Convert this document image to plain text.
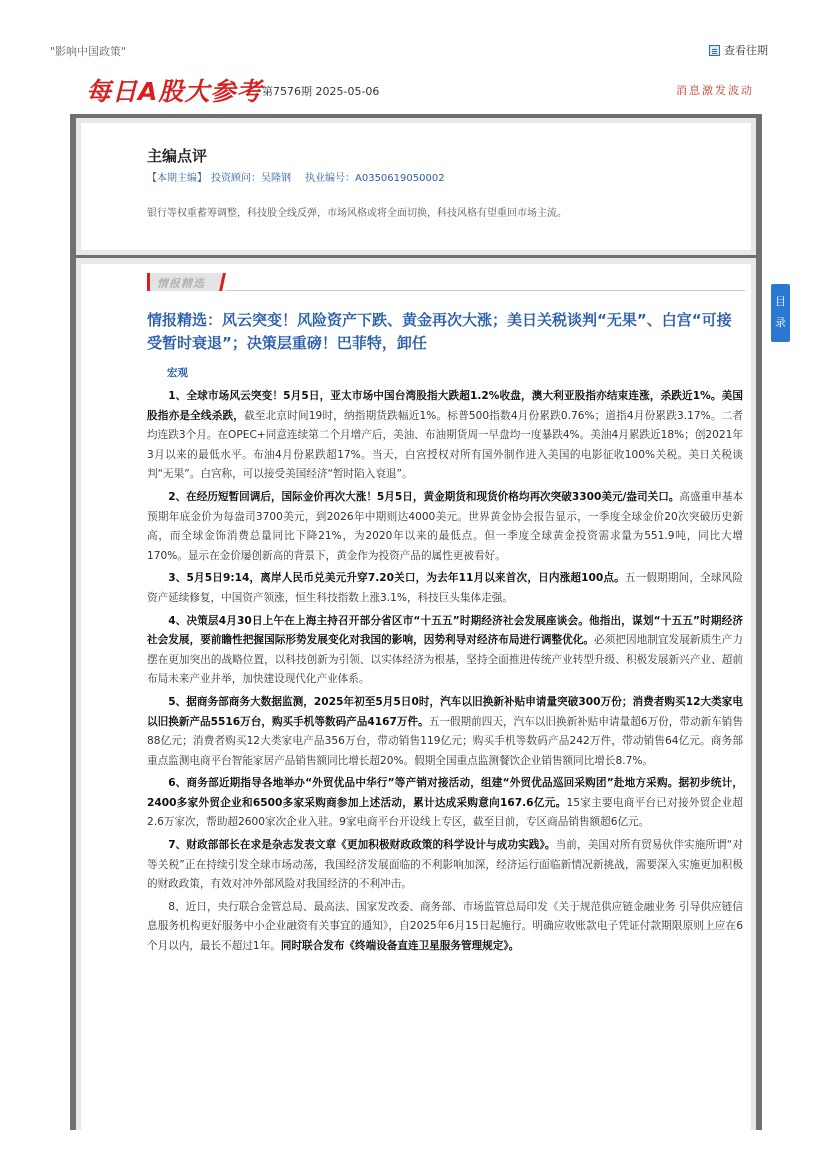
"影响中国政策"	查看往期
每日A股大参考 第7576期 2025-05-06	消息激发波动
主编点评
【本期主编】 投资顾问：吴隆钢 执业编号：A0350619050002
银行等权重蓄筹调整，科技股全线反弹，市场风格或将全面切换，科技风格有望重回市场主流。
情报精选
情报精选：风云突变！风险资产下跌、黄金再次大涨；美日关税谈判“无果”、白宫“可接受暂时衰退”；决策层重磅！巴菲特，卸任
宏观

1、全球市场风云突变！5月5日，亚太市场中国台湾股指大跌超1.2%收盘，澳大利亚股指亦结束连涨，杀跌近1%。美国股指亦是全线杀跌，截至北京时间19时，纳指期货跌幅近1%。标普500指数4月份累跌0.76%；道指4月份累跌3.17%。二者均连跌3个月。在OPEC+同意连续第二个月增产后，美油、布油期货周一早盘均一度暴跌4%。美油4月累跌近18%；创2021年3月以来的最低水平。布油4月份累跌超17%。当天，白宫授权对所有国外制作进入美国的电影征收100%关税。美日关税谈判“无果”。白宫称，可以接受美国经济“暂时陷入衰退”。

2、在经历短暂回调后，国际金价再次大涨！5月5日，黄金期货和现货价格均再次突破3300美元/盎司关口。高盛重申基本预期年底金价为每盎司3700美元，到2026年中期则达4000美元。世界黄金协会报告显示，一季度全球金价20次突破历史新高，而全球金饰消费总量同比下降21%，为2020年以来的最低点。但一季度全球黄金投资需求量为551.9吨，同比大增170%。显示在金价屡创新高的背景下，黄金作为投资产品的属性更被看好。

3、5月5日9:14，离岸人民币兑美元升穿7.20关口，为去年11月以来首次，日内涨超100点。五一假期期间，全球风险资产延续修复，中国资产领涨，恒生科技指数上涨3.1%，科技巨头集体走强。

4、决策层4月30日上午在上海主持召开部分省区市“十五五”时期经济社会发展座谈会。他指出，谋划“十五五”时期经济社会发展，要前瞻性把握国际形势发展变化对我国的影响，因势利导对经济布局进行调整优化。必须把因地制宜发展新质生产力摆在更加突出的战略位置，以科技创新为引领、以实体经济为根基，坚持全面推进传统产业转型升级、积极发展新兴产业、超前布局未来产业并举，加快建设现代化产业体系。

5、据商务部商务大数据监测，2025年初至5月5日0时，汽车以旧换新补贴申请量突破300万份；消费者购买12大类家电以旧换新产品5516万台，购买手机等数码产品4167万件。五一假期前四天，汽车以旧换新补贴申请量超6万份，带动新车销售88亿元；消费者购买12大类家电产品356万台，带动销售119亿元；购买手机等数码产品242万件，带动销售64亿元。商务部重点监测电商平台智能家居产品销售额同比增长超20%。假期全国重点监测餐饮企业销售额同比增长8.7%。

6、商务部近期指导各地举办“外贸优品中华行”等产销对接活动，组建“外贸优品巡回采购团”赴地方采购。据初步统计，2400多家外贸企业和6500多家采购商参加上述活动，累计达成采购意向167.6亿元。15家主要电商平台已对接外贸企业超2.6万家次，帮助超2600家次企业入驻。9家电商平台开设线上专区，截至目前，专区商品销售额超6亿元。

7、财政部部长在求是杂志发表文章《更加积极财政政策的科学设计与成功实践》。当前，美国对所有贸易伙伴实施所谓“对等关税”正在持续引发全球市场动荡，我国经济发展面临的不利影响加深，经济运行面临新情况新挑战，需要深入实施更加积极的财政政策，有效对冲外部风险对我国经济的不利冲击。

8、近日，央行联合金管总局、最高法、国家发改委、商务部、市场监管总局印发《关于规范供应链金融业务 引导供应链信息服务机构更好服务中小企业融资有关事宜的通知》，自2025年6月15日起施行。明确应收账款电子凭证付款期限原则上应在6个月以内，最长不超过1年。同时联合发布《终端设备直连卫星服务管理规定》。

目
录
